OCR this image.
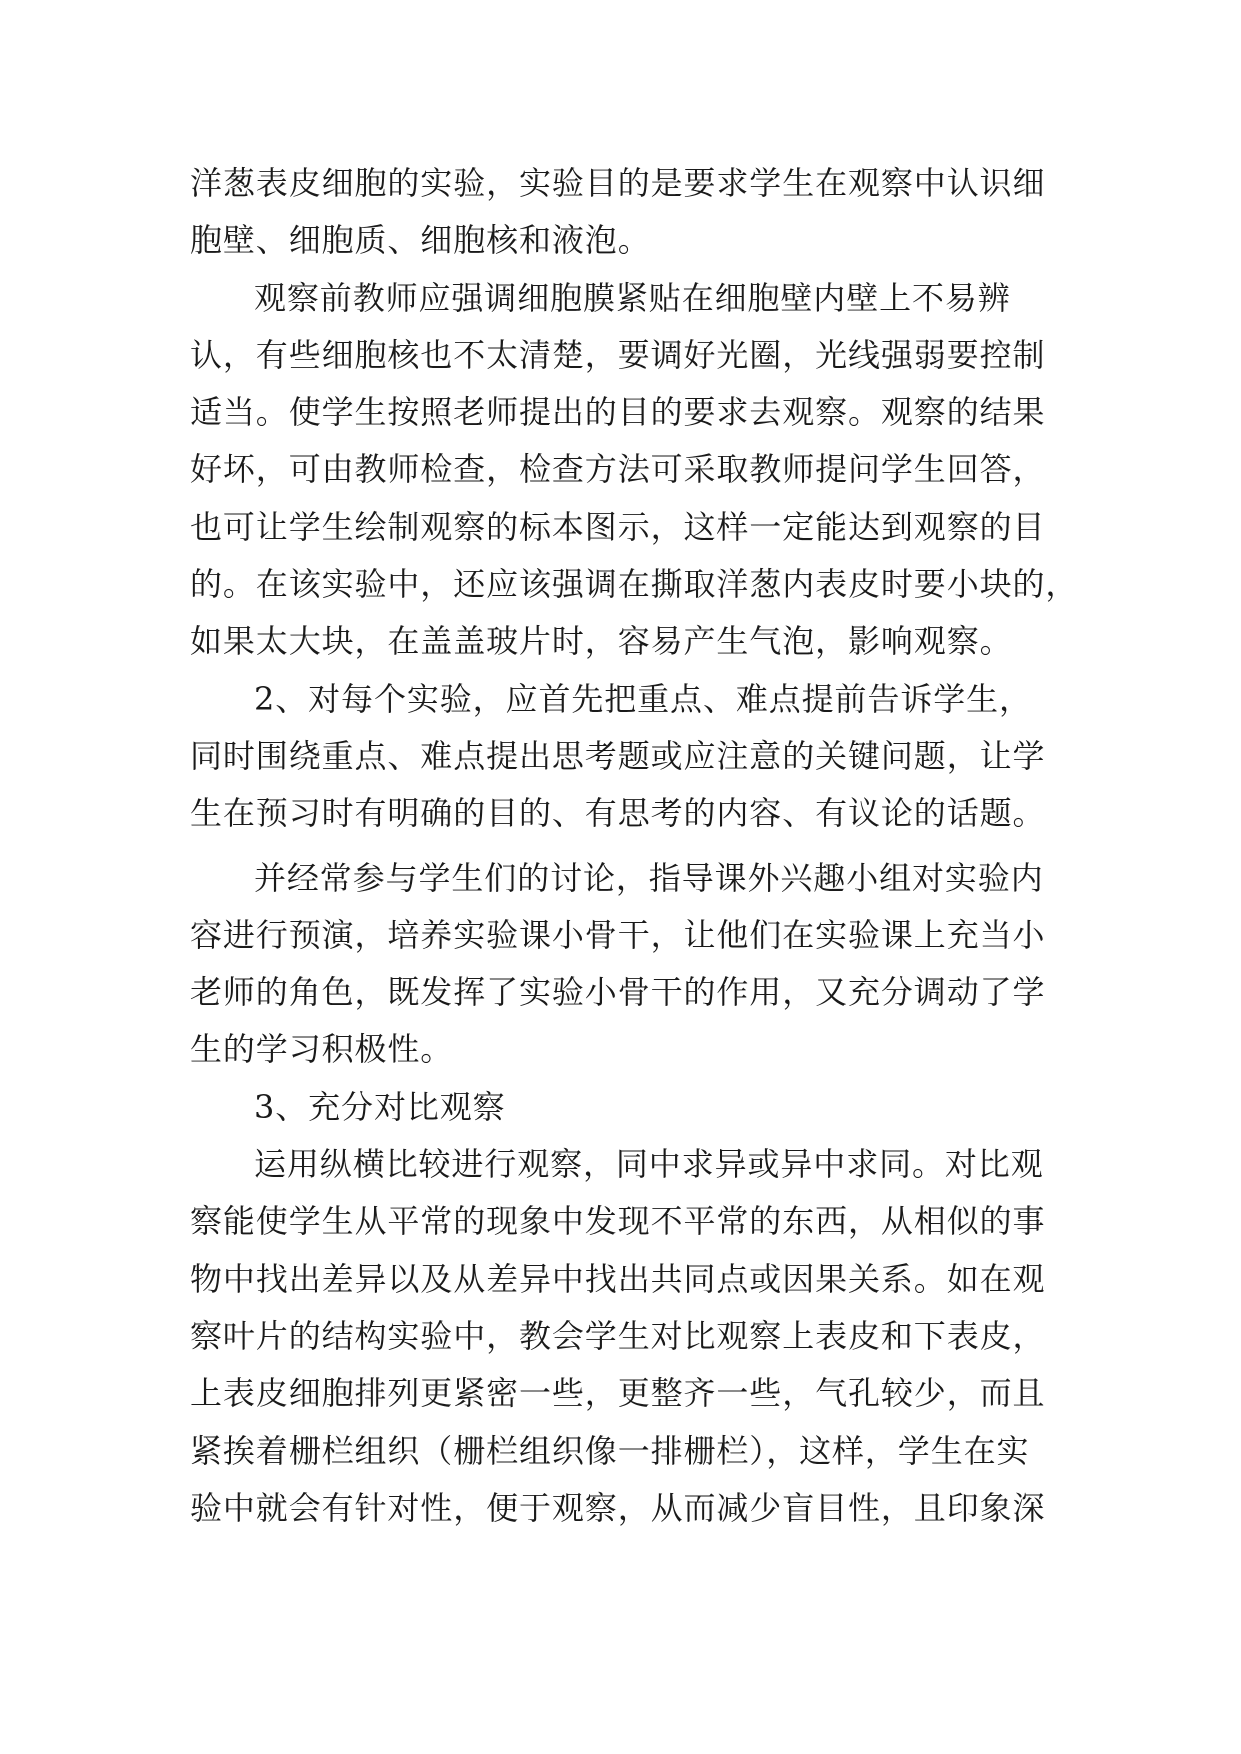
洋葱表皮细胞的实验，实验目的是要求学生在观察中认识细
胞壁、细胞质、细胞核和液泡。
观察前教师应强调细胞膜紧贴在细胞壁内壁上不易辨
认，有些细胞核也不太清楚，要调好光圈，光线强弱要控制
适当。使学生按照老师提出的目的要求去观察。观察的结果
好坏，可由教师检查，检查方法可采取教师提问学生回答，
也可让学生绘制观察的标本图示，这样一定能达到观察的目
的。在该实验中，还应该强调在撕取洋葱内表皮时要小块的，
如果太大块，在盖盖玻片时，容易产生气泡，影响观察。
2、对每个实验，应首先把重点、难点提前告诉学生，
同时围绕重点、难点提出思考题或应注意的关键问题，让学
生在预习时有明确的目的、有思考的内容、有议论的话题。
并经常参与学生们的讨论，指导课外兴趣小组对实验内
容进行预演，培养实验课小骨干，让他们在实验课上充当小
老师的角色，既发挥了实验小骨干的作用，又充分调动了学
生的学习积极性。
3、充分对比观察
运用纵横比较进行观察，同中求异或异中求同。对比观
察能使学生从平常的现象中发现不平常的东西，从相似的事
物中找出差异以及从差异中找出共同点或因果关系。如在观
察叶片的结构实验中，教会学生对比观察上表皮和下表皮，
上表皮细胞排列更紧密一些，更整齐一些，气孔较少，而且
紧挨着栅栏组织（栅栏组织像一排栅栏），这样，学生在实
验中就会有针对性，便于观察，从而减少盲目性，且印象深
